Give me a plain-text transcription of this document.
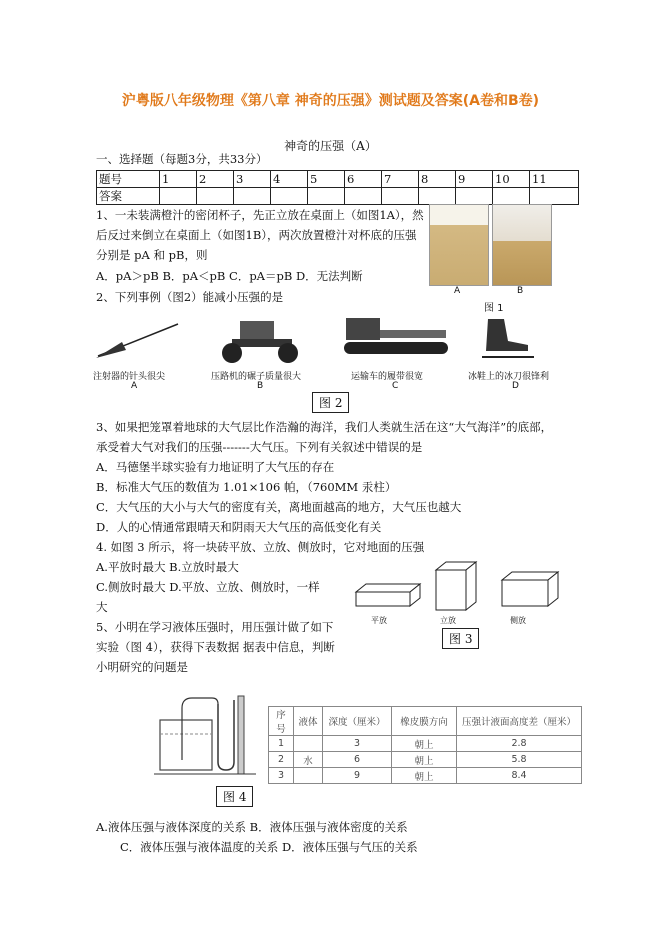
沪粤版八年级物理《第八章 神奇的压强》测试题及答案(A卷和B卷)
神奇的压强（A）
一、选择题（每题3分，共33分）
题号	1	2	3	4	5	6	7	8	9	10	11
答案											
1、一未装满橙汁的密闭杯子，先正立放在桌面上（如图1A），然
后反过来倒立在桌面上（如图1B），两次放置橙汁对杯底的压强
分别是 pA 和 pB，则
A．pA＞pB B．pA＜pB C．pA＝pB D．无法判断
A	B
图 1
2、下列事例（图2）能减小压强的是
注射器的针头很尖	压路机的碾子质量很大	运输车的履带很宽	冰鞋上的冰刀很锋利
A	B	C	D
图 2
3、如果把笼罩着地球的大气层比作浩瀚的海洋，我们人类就生活在这“大气海洋”的底部，
承受着大气对我们的压强-------大气压。下列有关叙述中错误的是
A．马德堡半球实验有力地证明了大气压的存在
B．标准大气压的数值为 1.01×106 帕，（760MM 汞柱）
C．大气压的大小与大气的密度有关，离地面越高的地方，大气压也越大
D．人的心情通常跟晴天和阴雨天大气压的高低变化有关
4. 如图 3 所示，将一块砖平放、立放、侧放时，它对地面的压强
A.平放时最大 B.立放时最大
C.侧放时最大 D.平放、立放、侧放时，一样
大
平放	立放	侧放
图 3
5、小明在学习液体压强时，用压强计做了如下
实验（图 4），获得下表数据 据表中信息，判断
小明研究的问题是
序号	液体	深度（厘米）	橡皮膜方向	压强计液面高度差（厘米）
1		3	朝上	2.8
2	水	6	朝上	5.8
3		9	朝上	8.4
图 4
A.液体压强与液体深度的关系 B．液体压强与液体密度的关系
C．液体压强与液体温度的关系 D．液体压强与气压的关系
